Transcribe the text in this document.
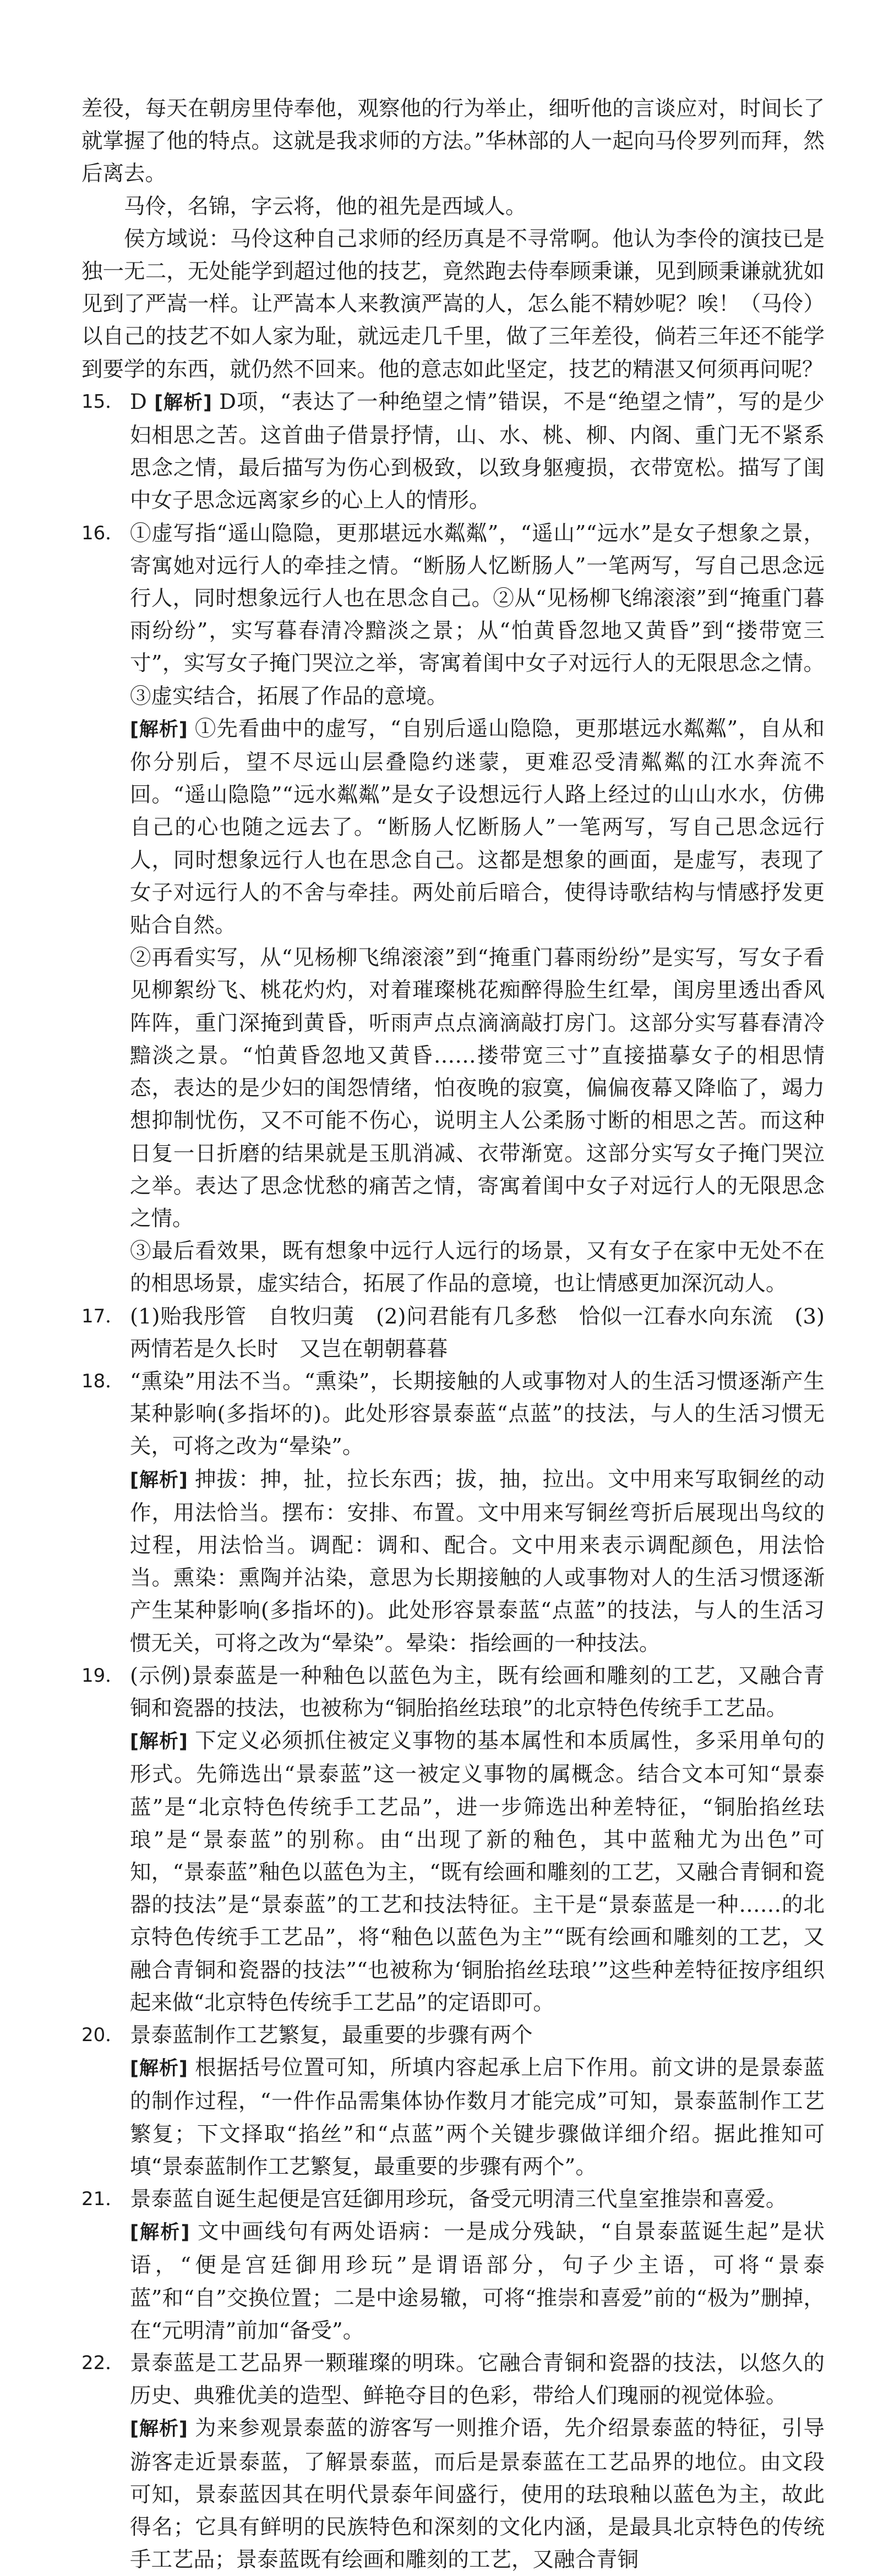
差役，每天在朝房里侍奉他，观察他的行为举止，细听他的言谈应对，时间长了就掌握了他的特点。这就是我求师的方法。”华林部的人一起向马伶罗列而拜，然后离去。

马伶，名锦，字云将，他的祖先是西域人。

侯方域说：马伶这种自己求师的经历真是不寻常啊。他认为李伶的演技已是独一无二，无处能学到超过他的技艺，竟然跑去侍奉顾秉谦，见到顾秉谦就犹如见到了严嵩一样。让严嵩本人来教演严嵩的人，怎么能不精妙呢？唉！（马伶）以自己的技艺不如人家为耻，就远走几千里，做了三年差役，倘若三年还不能学到要学的东西，就仍然不回来。他的意志如此坚定，技艺的精湛又何须再问呢？

15． D [解析] D项，“表达了一种绝望之情”错误，不是“绝望之情”，写的是少妇相思之苦。这首曲子借景抒情，山、水、桃、柳、内阁、重门无不紧系思念之情，最后描写为伤心到极致，以致身躯瘦损，衣带宽松。描写了闺中女子思念远离家乡的心上人的情形。

16． ①虚写指“遥山隐隐，更那堪远水粼粼”，“遥山”“远水”是女子想象之景，寄寓她对远行人的牵挂之情。“断肠人忆断肠人”一笔两写，写自己思念远行人，同时想象远行人也在思念自己。②从“见杨柳飞绵滚滚”到“掩重门暮雨纷纷”，实写暮春清冷黯淡之景；从“怕黄昏忽地又黄昏”到“搂带宽三寸”，实写女子掩门哭泣之举，寄寓着闺中女子对远行人的无限思念之情。③虚实结合，拓展了作品的意境。

[解析] ①先看曲中的虚写，“自别后遥山隐隐，更那堪远水粼粼”，自从和你分别后，望不尽远山层叠隐约迷蒙，更难忍受清粼粼的江水奔流不回。“遥山隐隐”“远水粼粼”是女子设想远行人路上经过的山山水水，仿佛自己的心也随之远去了。“断肠人忆断肠人”一笔两写，写自己思念远行人，同时想象远行人也在思念自己。这都是想象的画面，是虚写，表现了女子对远行人的不舍与牵挂。两处前后暗合，使得诗歌结构与情感抒发更贴合自然。

②再看实写，从“见杨柳飞绵滚滚”到“掩重门暮雨纷纷”是实写，写女子看见柳絮纷飞、桃花灼灼，对着璀璨桃花痴醉得脸生红晕，闺房里透出香风阵阵，重门深掩到黄昏，听雨声点点滴滴敲打房门。这部分实写暮春清冷黯淡之景。“怕黄昏忽地又黄昏……搂带宽三寸”直接描摹女子的相思情态，表达的是少妇的闺怨情绪，怕夜晚的寂寞，偏偏夜幕又降临了，竭力想抑制忧伤，又不可能不伤心，说明主人公柔肠寸断的相思之苦。而这种日复一日折磨的结果就是玉肌消减、衣带渐宽。这部分实写女子掩门哭泣之举。表达了思念忧愁的痛苦之情，寄寓着闺中女子对远行人的无限思念之情。

③最后看效果，既有想象中远行人远行的场景，又有女子在家中无处不在的相思场景，虚实结合，拓展了作品的意境，也让情感更加深沉动人。

17． (1)贻我彤管　自牧归荑　(2)问君能有几多愁　恰似一江春水向东流　(3)两情若是久长时　又岂在朝朝暮暮

18． “熏染”用法不当。“熏染”，长期接触的人或事物对人的生活习惯逐渐产生某种影响(多指坏的)。此处形容景泰蓝“点蓝”的技法，与人的生活习惯无关，可将之改为“晕染”。

[解析] 抻拔：抻，扯，拉长东西；拔，抽，拉出。文中用来写取铜丝的动作，用法恰当。摆布：安排、布置。文中用来写铜丝弯折后展现出鸟纹的过程，用法恰当。调配：调和、配合。文中用来表示调配颜色，用法恰当。熏染：熏陶并沾染，意思为长期接触的人或事物对人的生活习惯逐渐产生某种影响(多指坏的)。此处形容景泰蓝“点蓝”的技法，与人的生活习惯无关，可将之改为“晕染”。晕染：指绘画的一种技法。

19． (示例)景泰蓝是一种釉色以蓝色为主，既有绘画和雕刻的工艺，又融合青铜和瓷器的技法，也被称为“铜胎掐丝珐琅”的北京特色传统手工艺品。

[解析] 下定义必须抓住被定义事物的基本属性和本质属性，多采用单句的形式。先筛选出“景泰蓝”这一被定义事物的属概念。结合文本可知“景泰蓝”是“北京特色传统手工艺品”，进一步筛选出种差特征，“铜胎掐丝珐琅”是“景泰蓝”的别称。由“出现了新的釉色，其中蓝釉尤为出色”可知，“景泰蓝”釉色以蓝色为主，“既有绘画和雕刻的工艺，又融合青铜和瓷器的技法”是“景泰蓝”的工艺和技法特征。主干是“景泰蓝是一种……的北京特色传统手工艺品”，将“釉色以蓝色为主”“既有绘画和雕刻的工艺，又融合青铜和瓷器的技法”“也被称为‘铜胎掐丝珐琅’”这些种差特征按序组织起来做“北京特色传统手工艺品”的定语即可。

20． 景泰蓝制作工艺繁复，最重要的步骤有两个

[解析] 根据括号位置可知，所填内容起承上启下作用。前文讲的是景泰蓝的制作过程，“一件作品需集体协作数月才能完成”可知，景泰蓝制作工艺繁复；下文择取“掐丝”和“点蓝”两个关键步骤做详细介绍。据此推知可填“景泰蓝制作工艺繁复，最重要的步骤有两个”。

21． 景泰蓝自诞生起便是宫廷御用珍玩，备受元明清三代皇室推崇和喜爱。

[解析] 文中画线句有两处语病：一是成分残缺，“自景泰蓝诞生起”是状语，“便是宫廷御用珍玩”是谓语部分，句子少主语，可将“景泰蓝”和“自”交换位置；二是中途易辙，可将“推崇和喜爱”前的“极为”删掉，在“元明清”前加“备受”。

22． 景泰蓝是工艺品界一颗璀璨的明珠。它融合青铜和瓷器的技法，以悠久的历史、典雅优美的造型、鲜艳夺目的色彩，带给人们瑰丽的视觉体验。

[解析] 为来参观景泰蓝的游客写一则推介语，先介绍景泰蓝的特征，引导游客走近景泰蓝，了解景泰蓝，而后是景泰蓝在工艺品界的地位。由文段可知，景泰蓝因其在明代景泰年间盛行，使用的珐琅釉以蓝色为主，故此得名；它具有鲜明的民族特色和深刻的文化内涵，是最具北京特色的传统手工艺品；景泰蓝既有绘画和雕刻的工艺，又融合青铜
